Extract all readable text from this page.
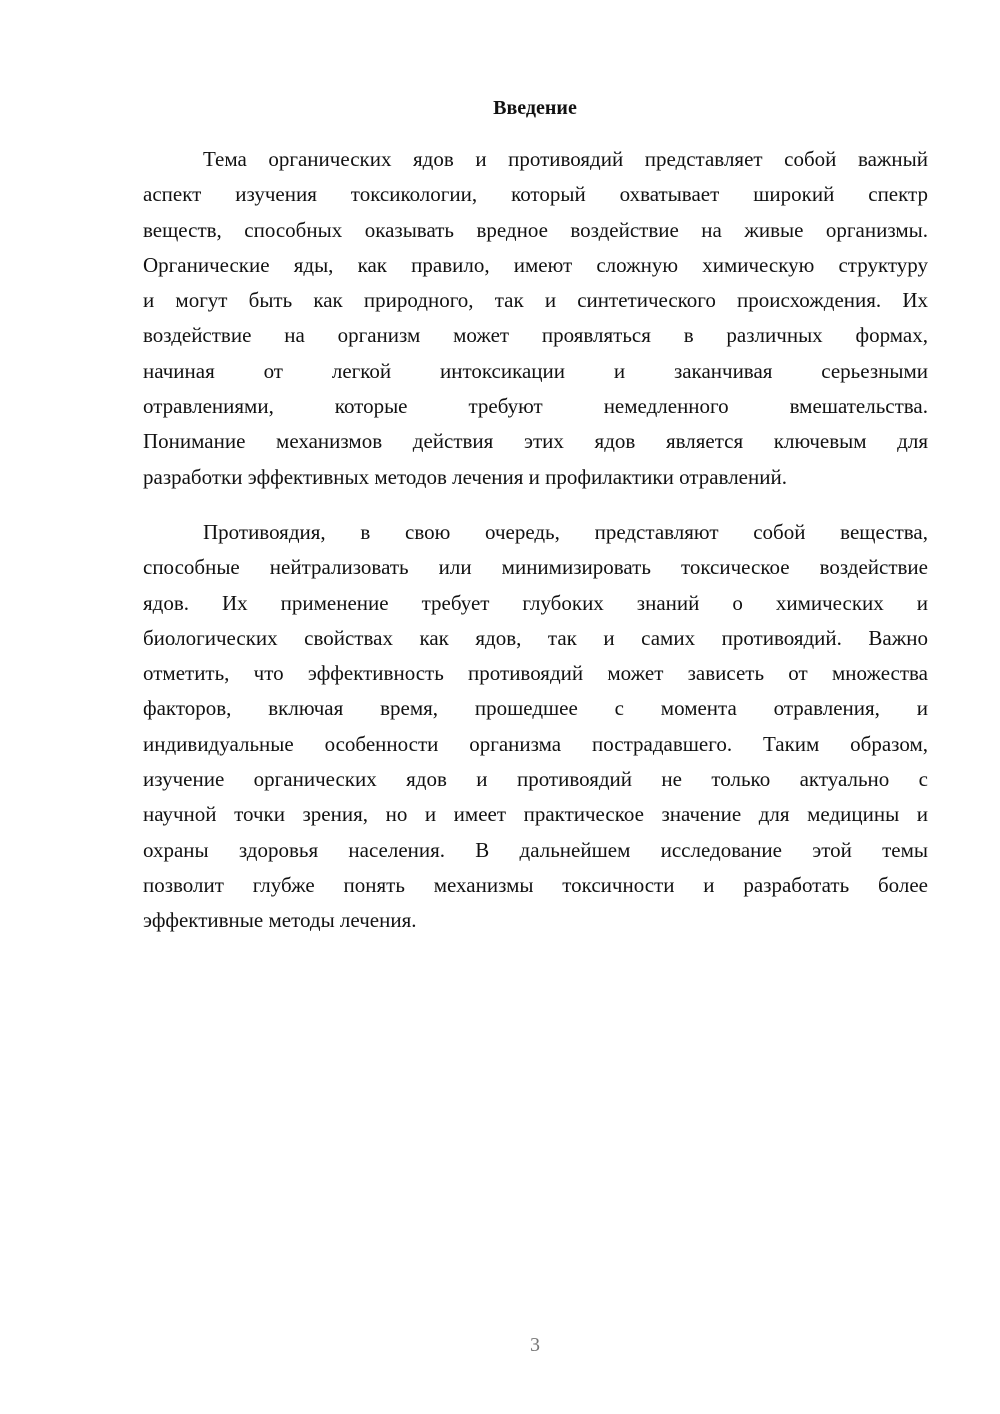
Введение
Тема органических ядов и противоядий представляет собой важный
аспект изучения токсикологии, который охватывает широкий спектр
веществ, способных оказывать вредное воздействие на живые организмы.
Органические яды, как правило, имеют сложную химическую структуру
и могут быть как природного, так и синтетического происхождения. Их
воздействие на организм может проявляться в различных формах,
начиная от легкой интоксикации и заканчивая серьезными
отравлениями, которые требуют немедленного вмешательства.
Понимание механизмов действия этих ядов является ключевым для
разработки эффективных методов лечения и профилактики отравлений.
Противоядия, в свою очередь, представляют собой вещества,
способные нейтрализовать или минимизировать токсическое воздействие
ядов. Их применение требует глубоких знаний о химических и
биологических свойствах как ядов, так и самих противоядий. Важно
отметить, что эффективность противоядий может зависеть от множества
факторов, включая время, прошедшее с момента отравления, и
индивидуальные особенности организма пострадавшего. Таким образом,
изучение органических ядов и противоядий не только актуально с
научной точки зрения, но и имеет практическое значение для медицины и
охраны здоровья населения. В дальнейшем исследование этой темы
позволит глубже понять механизмы токсичности и разработать более
эффективные методы лечения.
3
